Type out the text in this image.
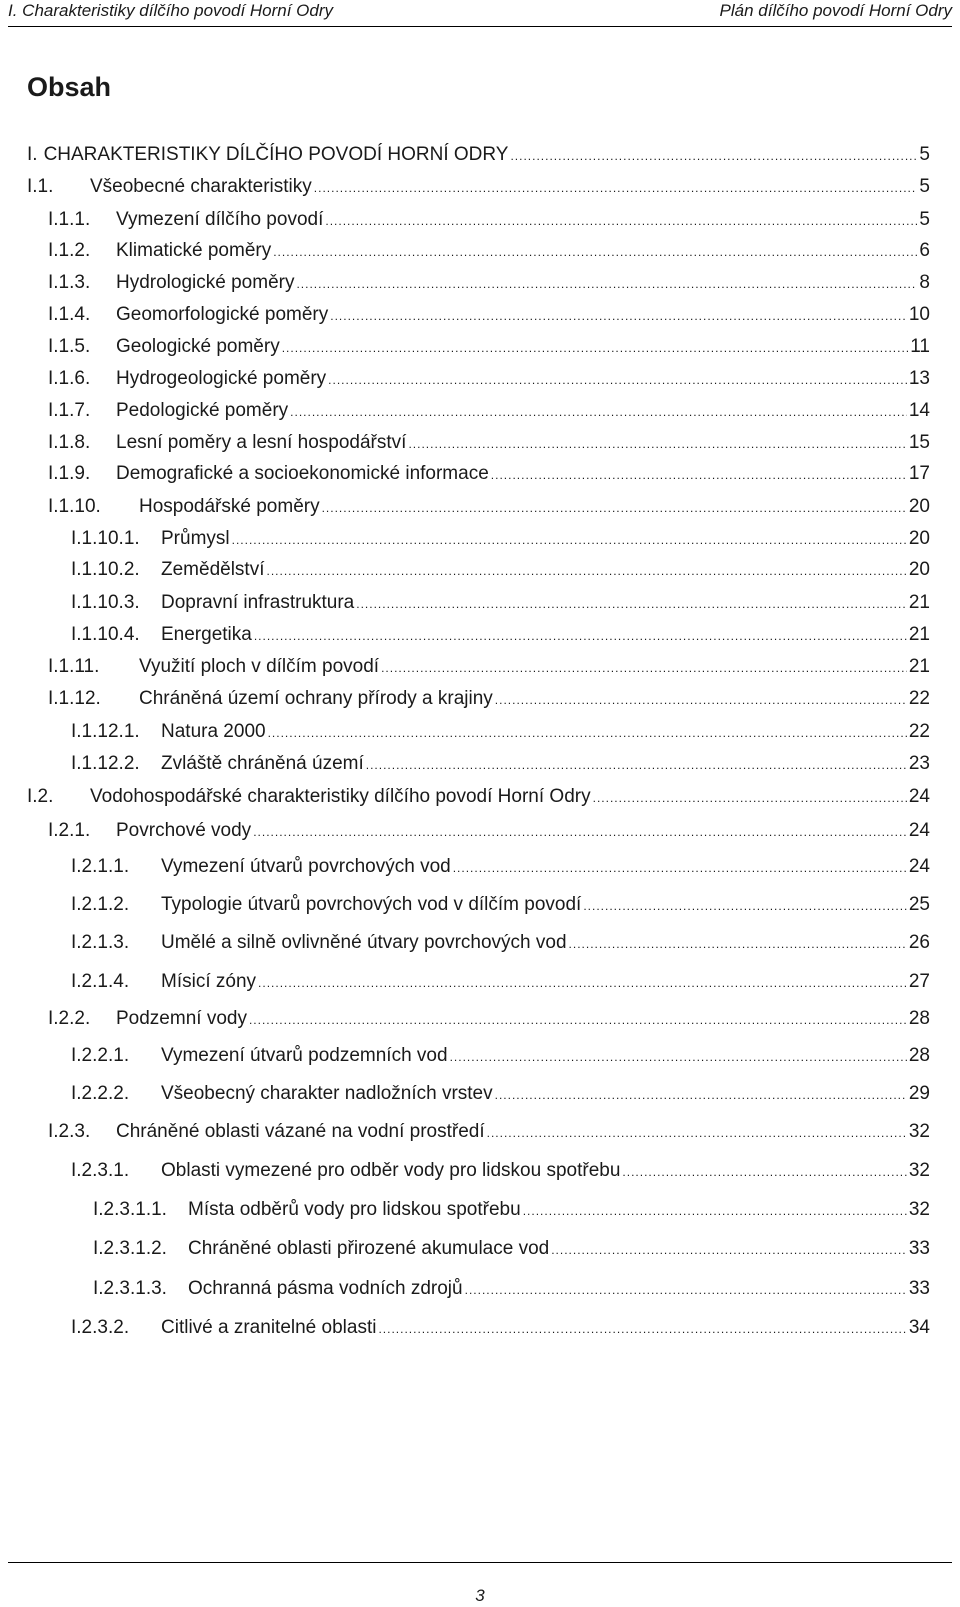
I. Charakteristiky dílčího povodí Horní Odry	Plán dílčího povodí Horní Odry
Obsah
I. CHARAKTERISTIKY DÍLČÍHO POVODÍ HORNÍ ODRY .....	5
I.1.	Všeobecné charakteristiky .....	5
I.1.1.	Vymezení dílčího povodí .....	5
I.1.2.	Klimatické poměry .....	6
I.1.3.	Hydrologické poměry .....	8
I.1.4.	Geomorfologické poměry .....	10
I.1.5.	Geologické poměry .....	11
I.1.6.	Hydrogeologické poměry .....	13
I.1.7.	Pedologické poměry .....	14
I.1.8.	Lesní poměry a lesní hospodářství .....	15
I.1.9.	Demografické a socioekonomické informace .....	17
I.1.10.	Hospodářské poměry .....	20
I.1.10.1.	Průmysl .....	20
I.1.10.2.	Zemědělství .....	20
I.1.10.3.	Dopravní infrastruktura .....	21
I.1.10.4.	Energetika .....	21
I.1.11.	Využití ploch v dílčím povodí .....	21
I.1.12.	Chráněná území ochrany přírody a krajiny .....	22
I.1.12.1.	Natura 2000 .....	22
I.1.12.2.	Zvláště chráněná území .....	23
I.2.	Vodohospodářské charakteristiky dílčího povodí Horní Odry .....	24
I.2.1.	Povrchové vody .....	24
I.2.1.1.	Vymezení útvarů povrchových vod .....	24
I.2.1.2.	Typologie útvarů povrchových vod v dílčím povodí .....	25
I.2.1.3.	Umělé a silně ovlivněné útvary povrchových vod .....	26
I.2.1.4.	Mísicí zóny .....	27
I.2.2.	Podzemní vody .....	28
I.2.2.1.	Vymezení útvarů podzemních vod .....	28
I.2.2.2.	Všeobecný charakter nadložních vrstev .....	29
I.2.3.	Chráněné oblasti vázané na vodní prostředí .....	32
I.2.3.1.	Oblasti vymezené pro odběr vody pro lidskou spotřebu .....	32
I.2.3.1.1.	Místa odběrů vody pro lidskou spotřebu .....	32
I.2.3.1.2.	Chráněné oblasti přirozené akumulace vod .....	33
I.2.3.1.3.	Ochranná pásma vodních zdrojů .....	33
I.2.3.2.	Citlivé a zranitelné oblasti .....	34
3
